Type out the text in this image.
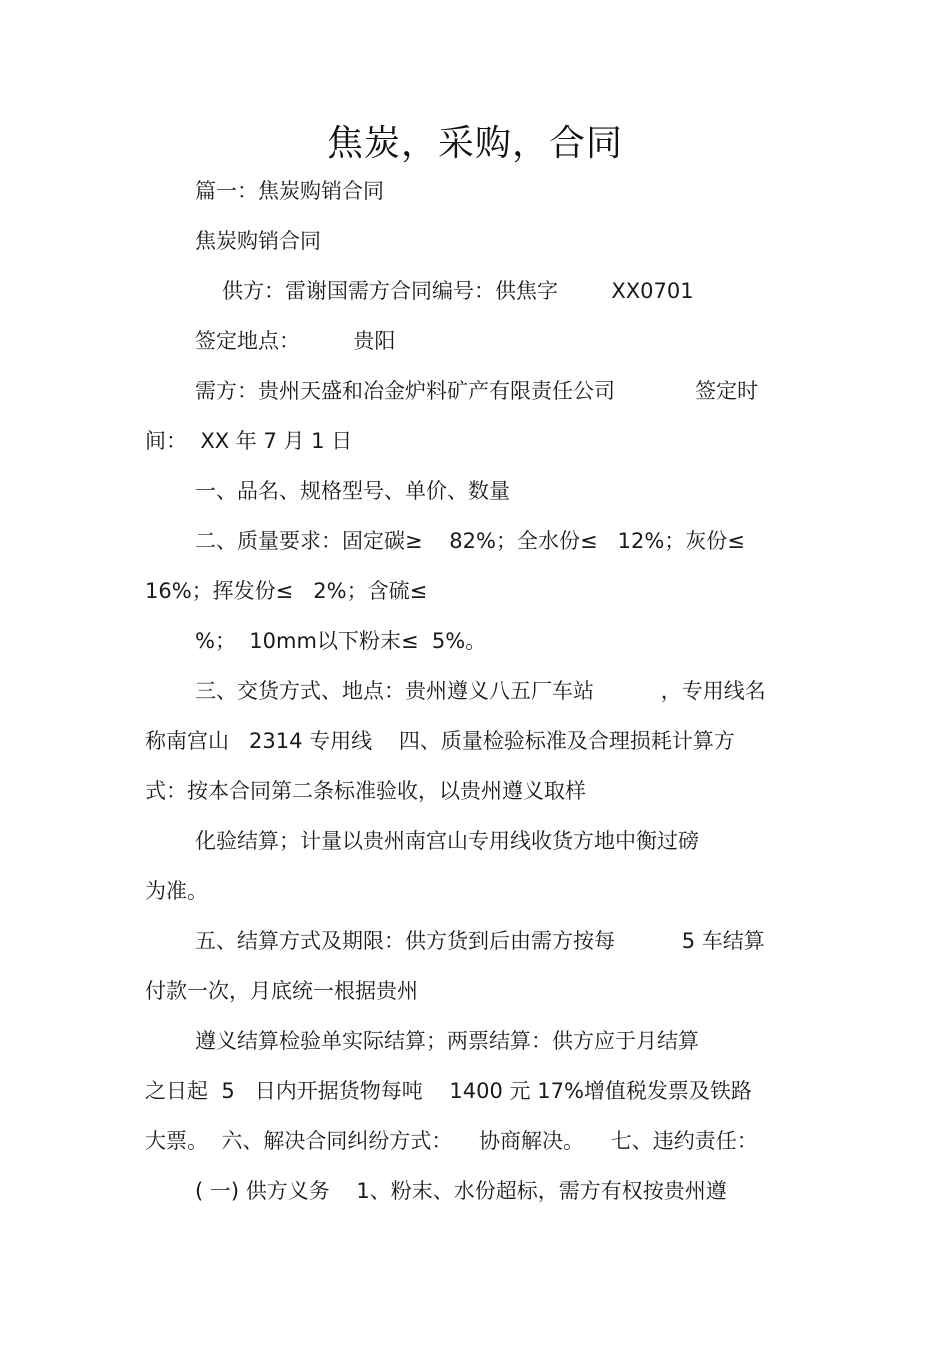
焦炭，采购，合同
篇一：焦炭购销合同
焦炭购销合同
供方：雷谢国需方合同编号：供焦字        XX0701
签定地点：        贵阳
需方：贵州天盛和冶金炉料矿产有限责任公司            签定时
间：  XX 年 7 月 1 日
一、品名、规格型号、单价、数量
二、质量要求：固定碳≥    82%；全水份≤   12%；灰份≤
16%；挥发份≤   2%；含硫≤
%；  10mm以下粉末≤  5%。
三、交货方式、地点：贵州遵义八五厂车站          ，专用线名
称南宫山   2314 专用线    四、质量检验标准及合理损耗计算方
式：按本合同第二条标准验收，以贵州遵义取样
化验结算；计量以贵州南宫山专用线收货方地中衡过磅
为准。
五、结算方式及期限：供方货到后由需方按每          5 车结算
付款一次，月底统一根据贵州
遵义结算检验单实际结算；两票结算：供方应于月结算
之日起  5   日内开据货物每吨    1400 元 17%增值税发票及铁路
大票。  六、解决合同纠纷方式：    协商解决。    七、违约责任：
( 一) 供方义务    1、粉末、水份超标，需方有权按贵州遵
